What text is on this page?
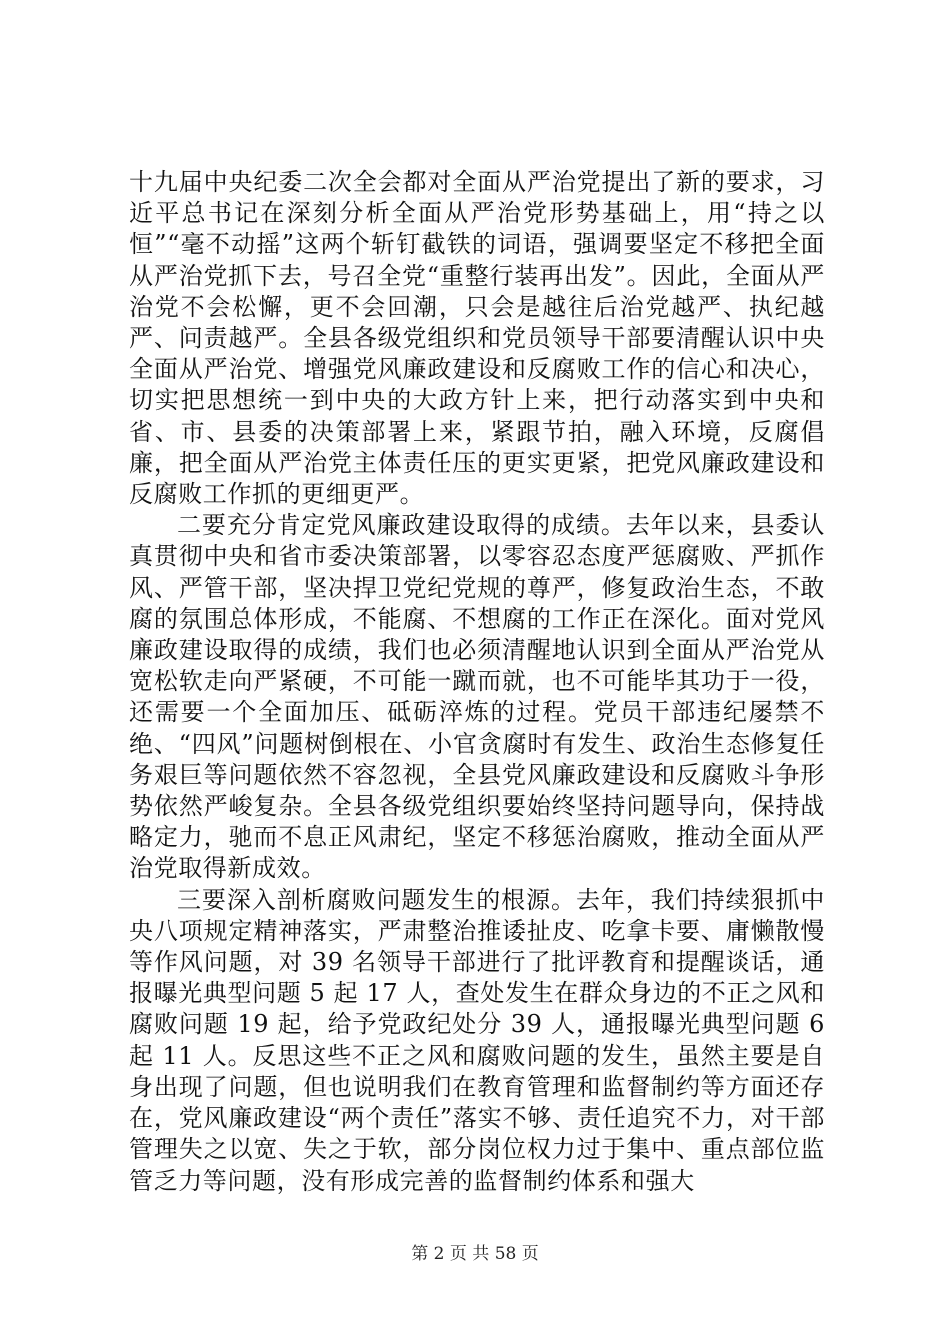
十九届中央纪委二次全会都对全面从严治党提出了新的要求，习近平总书记在深刻分析全面从严治党形势基础上，用“持之以恒”“毫不动摇”这两个斩钉截铁的词语，强调要坚定不移把全面从严治党抓下去，号召全党“重整行装再出发”。因此，全面从严治党不会松懈，更不会回潮，只会是越往后治党越严、执纪越严、问责越严。全县各级党组织和党员领导干部要清醒认识中央全面从严治党、增强党风廉政建设和反腐败工作的信心和决心，切实把思想统一到中央的大政方针上来，把行动落实到中央和省、市、县委的决策部署上来，紧跟节拍，融入环境，反腐倡廉，把全面从严治党主体责任压的更实更紧，把党风廉政建设和反腐败工作抓的更细更严。

二要充分肯定党风廉政建设取得的成绩。去年以来，县委认真贯彻中央和省市委决策部署，以零容忍态度严惩腐败、严抓作风、严管干部，坚决捍卫党纪党规的尊严，修复政治生态，不敢腐的氛围总体形成，不能腐、不想腐的工作正在深化。面对党风廉政建设取得的成绩，我们也必须清醒地认识到全面从严治党从宽松软走向严紧硬，不可能一蹴而就，也不可能毕其功于一役，还需要一个全面加压、砥砺淬炼的过程。党员干部违纪屡禁不绝、“四风”问题树倒根在、小官贪腐时有发生、政治生态修复任务艰巨等问题依然不容忽视，全县党风廉政建设和反腐败斗争形势依然严峻复杂。全县各级党组织要始终坚持问题导向，保持战略定力，驰而不息正风肃纪，坚定不移惩治腐败，推动全面从严治党取得新成效。

三要深入剖析腐败问题发生的根源。去年，我们持续狠抓中央八项规定精神落实，严肃整治推诿扯皮、吃拿卡要、庸懒散慢等作风问题，对 39 名领导干部进行了批评教育和提醒谈话，通报曝光典型问题 5 起 17 人，查处发生在群众身边的不正之风和腐败问题 19 起，给予党政纪处分 39 人，通报曝光典型问题 6 起 11 人。反思这些不正之风和腐败问题的发生，虽然主要是自身出现了问题，但也说明我们在教育管理和监督制约等方面还存在，党风廉政建设“两个责任”落实不够、责任追究不力，对干部管理失之以宽、失之于软，部分岗位权力过于集中、重点部位监管乏力等问题，没有形成完善的监督制约体系和强大

第 2 页 共 58 页
